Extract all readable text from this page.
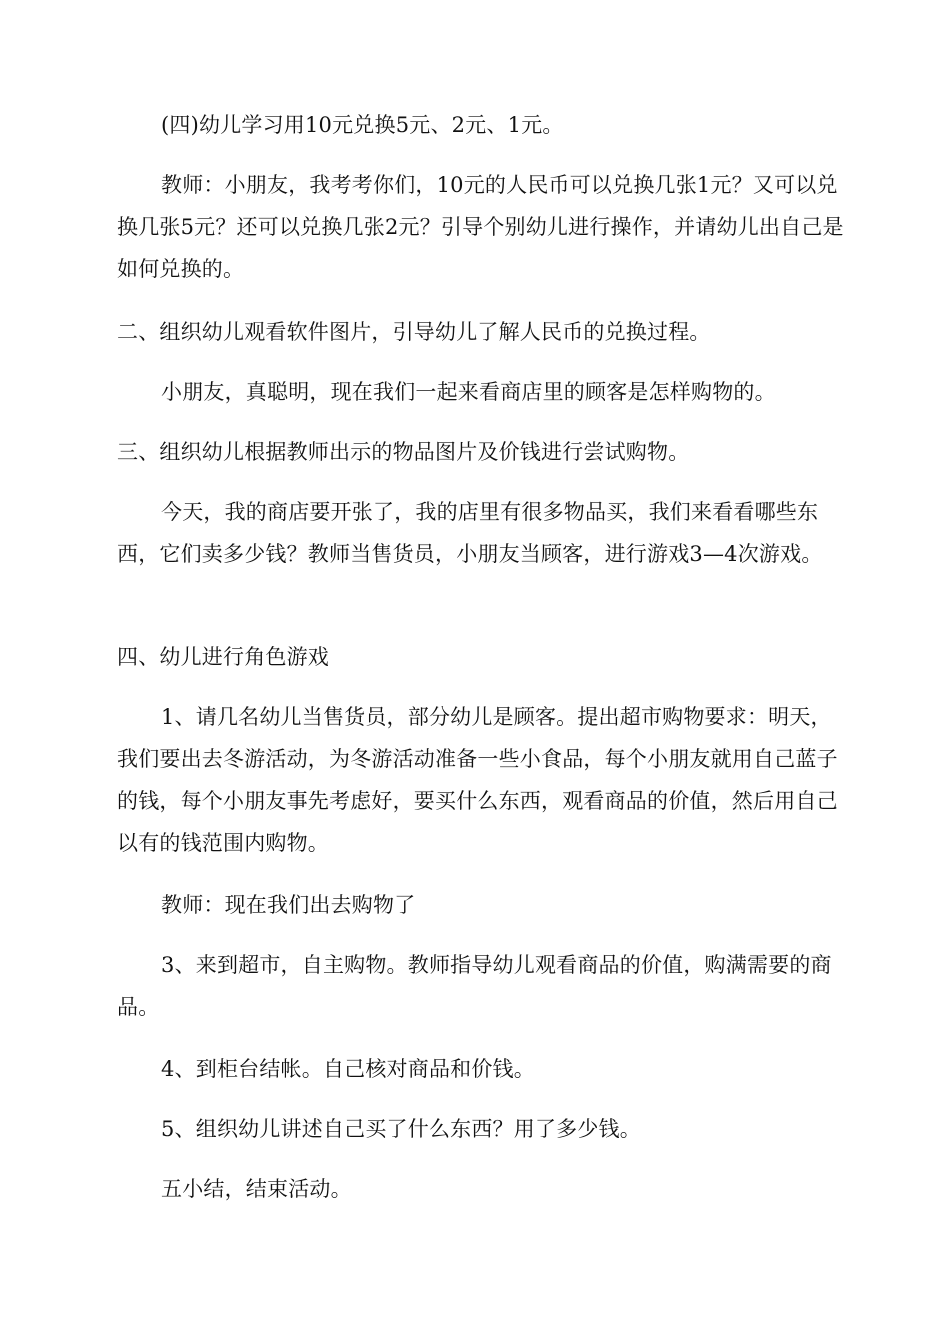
(四)幼儿学习用10元兑换5元、2元、1元。

教师：小朋友，我考考你们，10元的人民币可以兑换几张1元？又可以兑换几张5元？还可以兑换几张2元？引导个别幼儿进行操作，并请幼儿出自己是如何兑换的。

二、组织幼儿观看软件图片，引导幼儿了解人民币的兑换过程。

小朋友，真聪明，现在我们一起来看商店里的顾客是怎样购物的。

三、组织幼儿根据教师出示的物品图片及价钱进行尝试购物。

今天，我的商店要开张了，我的店里有很多物品买，我们来看看哪些东西，它们卖多少钱？教师当售货员，小朋友当顾客，进行游戏3—4次游戏。

四、幼儿进行角色游戏

1、请几名幼儿当售货员，部分幼儿是顾客。提出超市购物要求：明天，我们要出去冬游活动，为冬游活动准备一些小食品，每个小朋友就用自己蓝子的钱，每个小朋友事先考虑好，要买什么东西，观看商品的价值，然后用自己以有的钱范围内购物。

教师：现在我们出去购物了

3、来到超市，自主购物。教师指导幼儿观看商品的价值，购满需要的商品。

4、到柜台结帐。自己核对商品和价钱。

5、组织幼儿讲述自己买了什么东西？用了多少钱。

五小结，结束活动。
